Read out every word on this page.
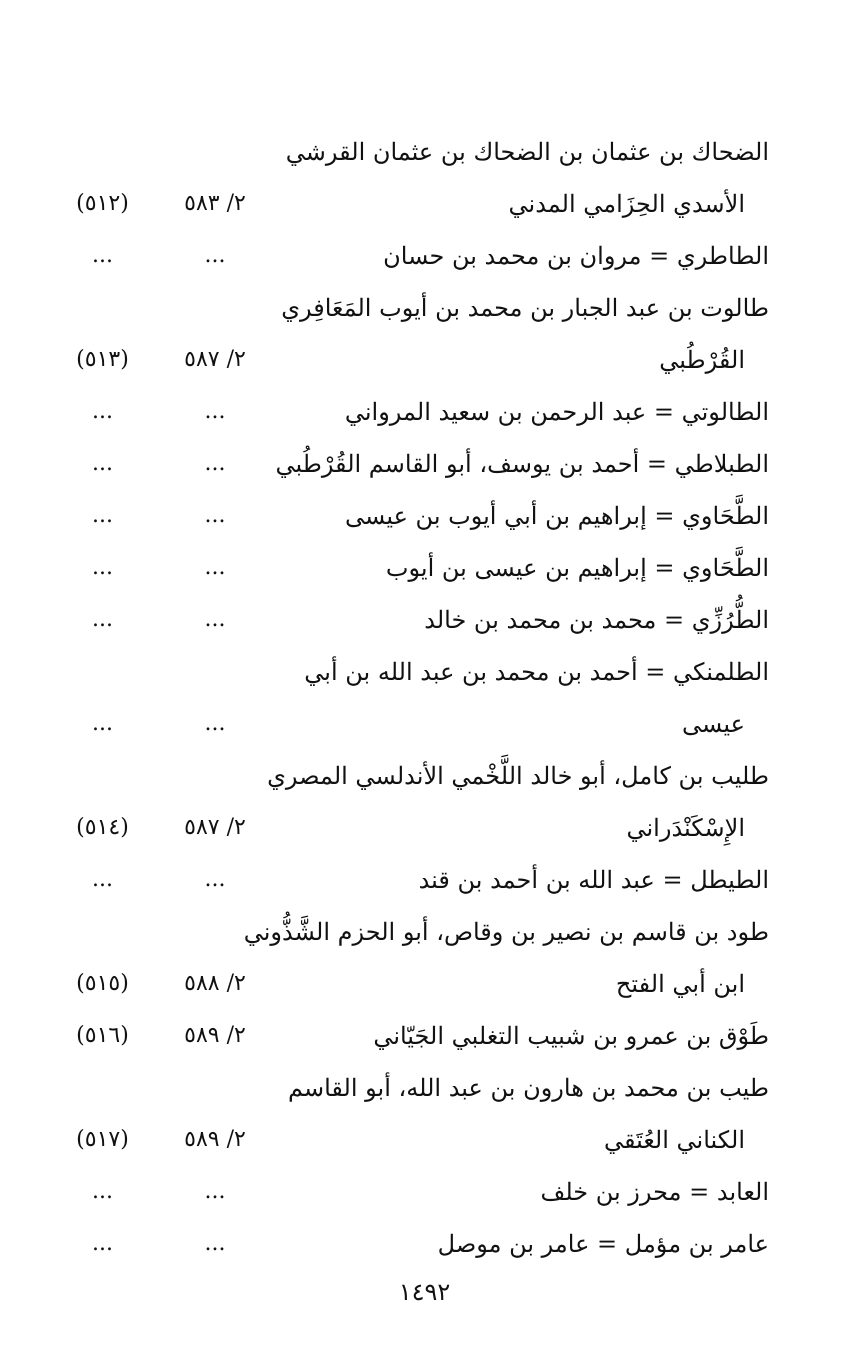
الضحاك بن عثمان بن الضحاك بن عثمان القرشي
الأسدي الحِزَامي المدني
٢/ ٥٨٣
(٥١٢)
الطاطري = مروان بن محمد بن حسان
...
...
طالوت بن عبد الجبار بن محمد بن أيوب المَعَافِري
القُرْطُبي
٢/ ٥٨٧
(٥١٣)
الطالوتي = عبد الرحمن بن سعيد المرواني
...
...
الطبلاطي = أحمد بن يوسف، أبو القاسم القُرْطُبي
...
...
الطَّحَاوي = إبراهيم بن أبي أيوب بن عيسى
...
...
الطَّحَاوي = إبراهيم بن عيسى بن أيوب
...
...
الطُّرُزِّي = محمد بن محمد بن خالد
...
...
الطلمنكي = أحمد بن محمد بن عبد الله بن أبي
عيسى
...
...
طليب بن كامل، أبو خالد اللَّخْمي الأندلسي المصري
الإِسْكَنْدَراني
٢/ ٥٨٧
(٥١٤)
الطيطل = عبد الله بن أحمد بن قند
...
...
طود بن قاسم بن نصير بن وقاص، أبو الحزم الشَّذُّوني
ابن أبي الفتح
٢/ ٥٨٨
(٥١٥)
طَوْق بن عمرو بن شبيب التغلبي الجَيّاني
٢/ ٥٨٩
(٥١٦)
طيب بن محمد بن هارون بن عبد الله، أبو القاسم
الكناني العُتَقي
٢/ ٥٨٩
(٥١٧)
العابد = محرز بن خلف
...
...
عامر بن مؤمل = عامر بن موصل
...
...
١٤٩٢
